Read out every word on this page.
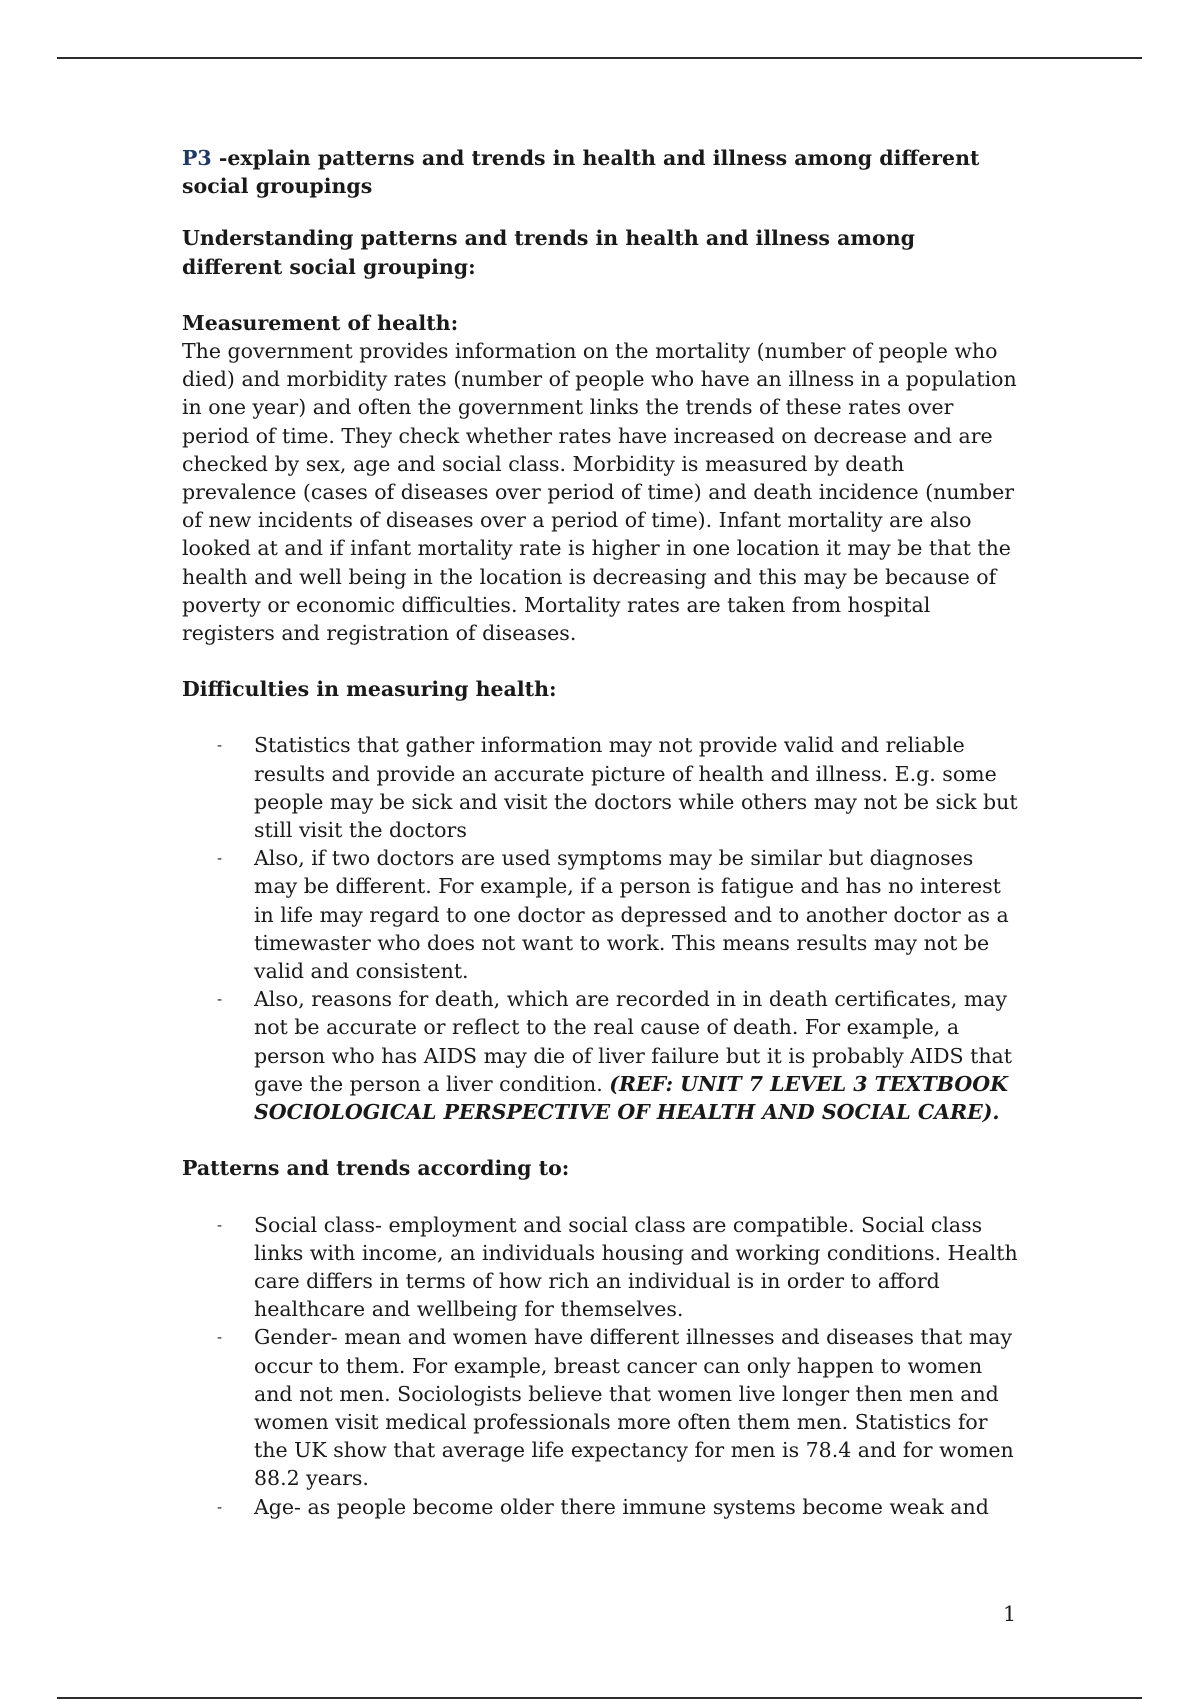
P3 -explain patterns and trends in health and illness among different social groupings

Understanding patterns and trends in health and illness among different social grouping:

Measurement of health:

The government provides information on the mortality (number of people who died) and morbidity rates (number of people who have an illness in a population in one year) and often the government links the trends of these rates over period of time. They check whether rates have increased on decrease and are checked by sex, age and social class. Morbidity is measured by death prevalence (cases of diseases over period of time) and death incidence (number of new incidents of diseases over a period of time). Infant mortality are also looked at and if infant mortality rate is higher in one location it may be that the health and well being in the location is decreasing and this may be because of poverty or economic difficulties. Mortality rates are taken from hospital registers and registration of diseases.

Difficulties in measuring health:

- Statistics that gather information may not provide valid and reliable results and provide an accurate picture of health and illness. E.g. some people may be sick and visit the doctors while others may not be sick but still visit the doctors
- Also, if two doctors are used symptoms may be similar but diagnoses may be different. For example, if a person is fatigue and has no interest in life may regard to one doctor as depressed and to another doctor as a timewaster who does not want to work. This means results may not be valid and consistent.
- Also, reasons for death, which are recorded in in death certificates, may not be accurate or reflect to the real cause of death. For example, a person who has AIDS may die of liver failure but it is probably AIDS that gave the person a liver condition. (REF: UNIT 7 LEVEL 3 TEXTBOOK SOCIOLOGICAL PERSPECTIVE OF HEALTH AND SOCIAL CARE).

Patterns and trends according to:

- Social class- employment and social class are compatible. Social class links with income, an individuals housing and working conditions. Health care differs in terms of how rich an individual is in order to afford healthcare and wellbeing for themselves.
- Gender- mean and women have different illnesses and diseases that may occur to them. For example, breast cancer can only happen to women and not men. Sociologists believe that women live longer then men and women visit medical professionals more often them men. Statistics for the UK show that average life expectancy for men is 78.4 and for women 88.2 years.
- Age- as people become older there immune systems become weak and
1
